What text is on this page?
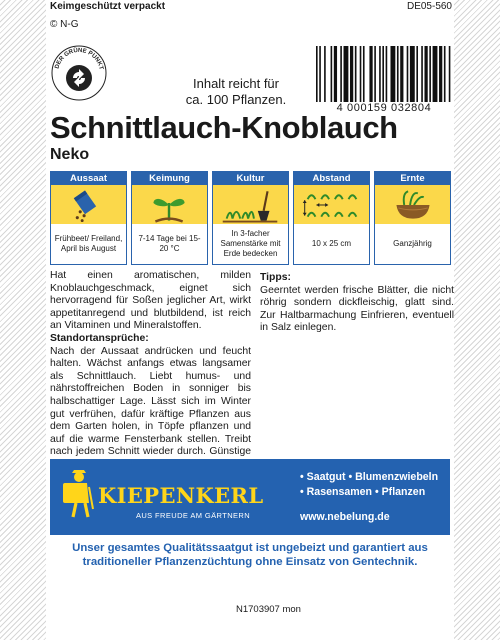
Keimgeschützt verpackt	DE05-560
© N-G
DER GRÜNE PUNKT
Inhalt reicht für
ca. 100 Pflanzen.
4 000159 032804
Schnittlauch-Knoblauch
Neko
Aussaat
Frühbeet/ Freiland, April bis August
Keimung
7-14 Tage bei 15-20 °C
Kultur
In 3-facher Samenstärke mit Erde bedecken
Abstand
10 x 25 cm
Ernte
Ganzjährig

Hat einen aromatischen, milden Knoblauchgeschmack, eignet sich hervorragend für Soßen jeglicher Art, wirkt appetitanregend und blutbildend, ist reich an Vitaminen und Mineralstoffen.

Standortansprüche:

Nach der Aussaat andrücken und feucht halten. Wächst anfangs etwas langsamer als Schnittlauch. Liebt humus- und nährstoffreichen Boden in sonniger bis halbschattiger Lage. Lässt sich im Winter gut verfrühen, dafür kräftige Pflanzen aus dem Garten holen, in Töpfe pflanzen und auf die warme Fensterbank stellen. Treibt nach jedem Schnitt wieder durch. Günstige

Tipps:

Geerntet werden frische Blätter, die nicht röhrig sondern dickfleischig, glatt sind. Zur Haltbarmachung Einfrieren, eventuell in Salz einlegen.

KIEPENKERL
AUS FREUDE AM GÄRTNERN
• Saatgut • Blumenzwiebeln
• Rasensamen • Pflanzen
www.nebelung.de
Unser gesamtes Qualitätssaatgut ist ungebeizt und garantiert aus
traditioneller Pflanzenzüchtung ohne Einsatz von Gentechnik.
N1703907 mon
